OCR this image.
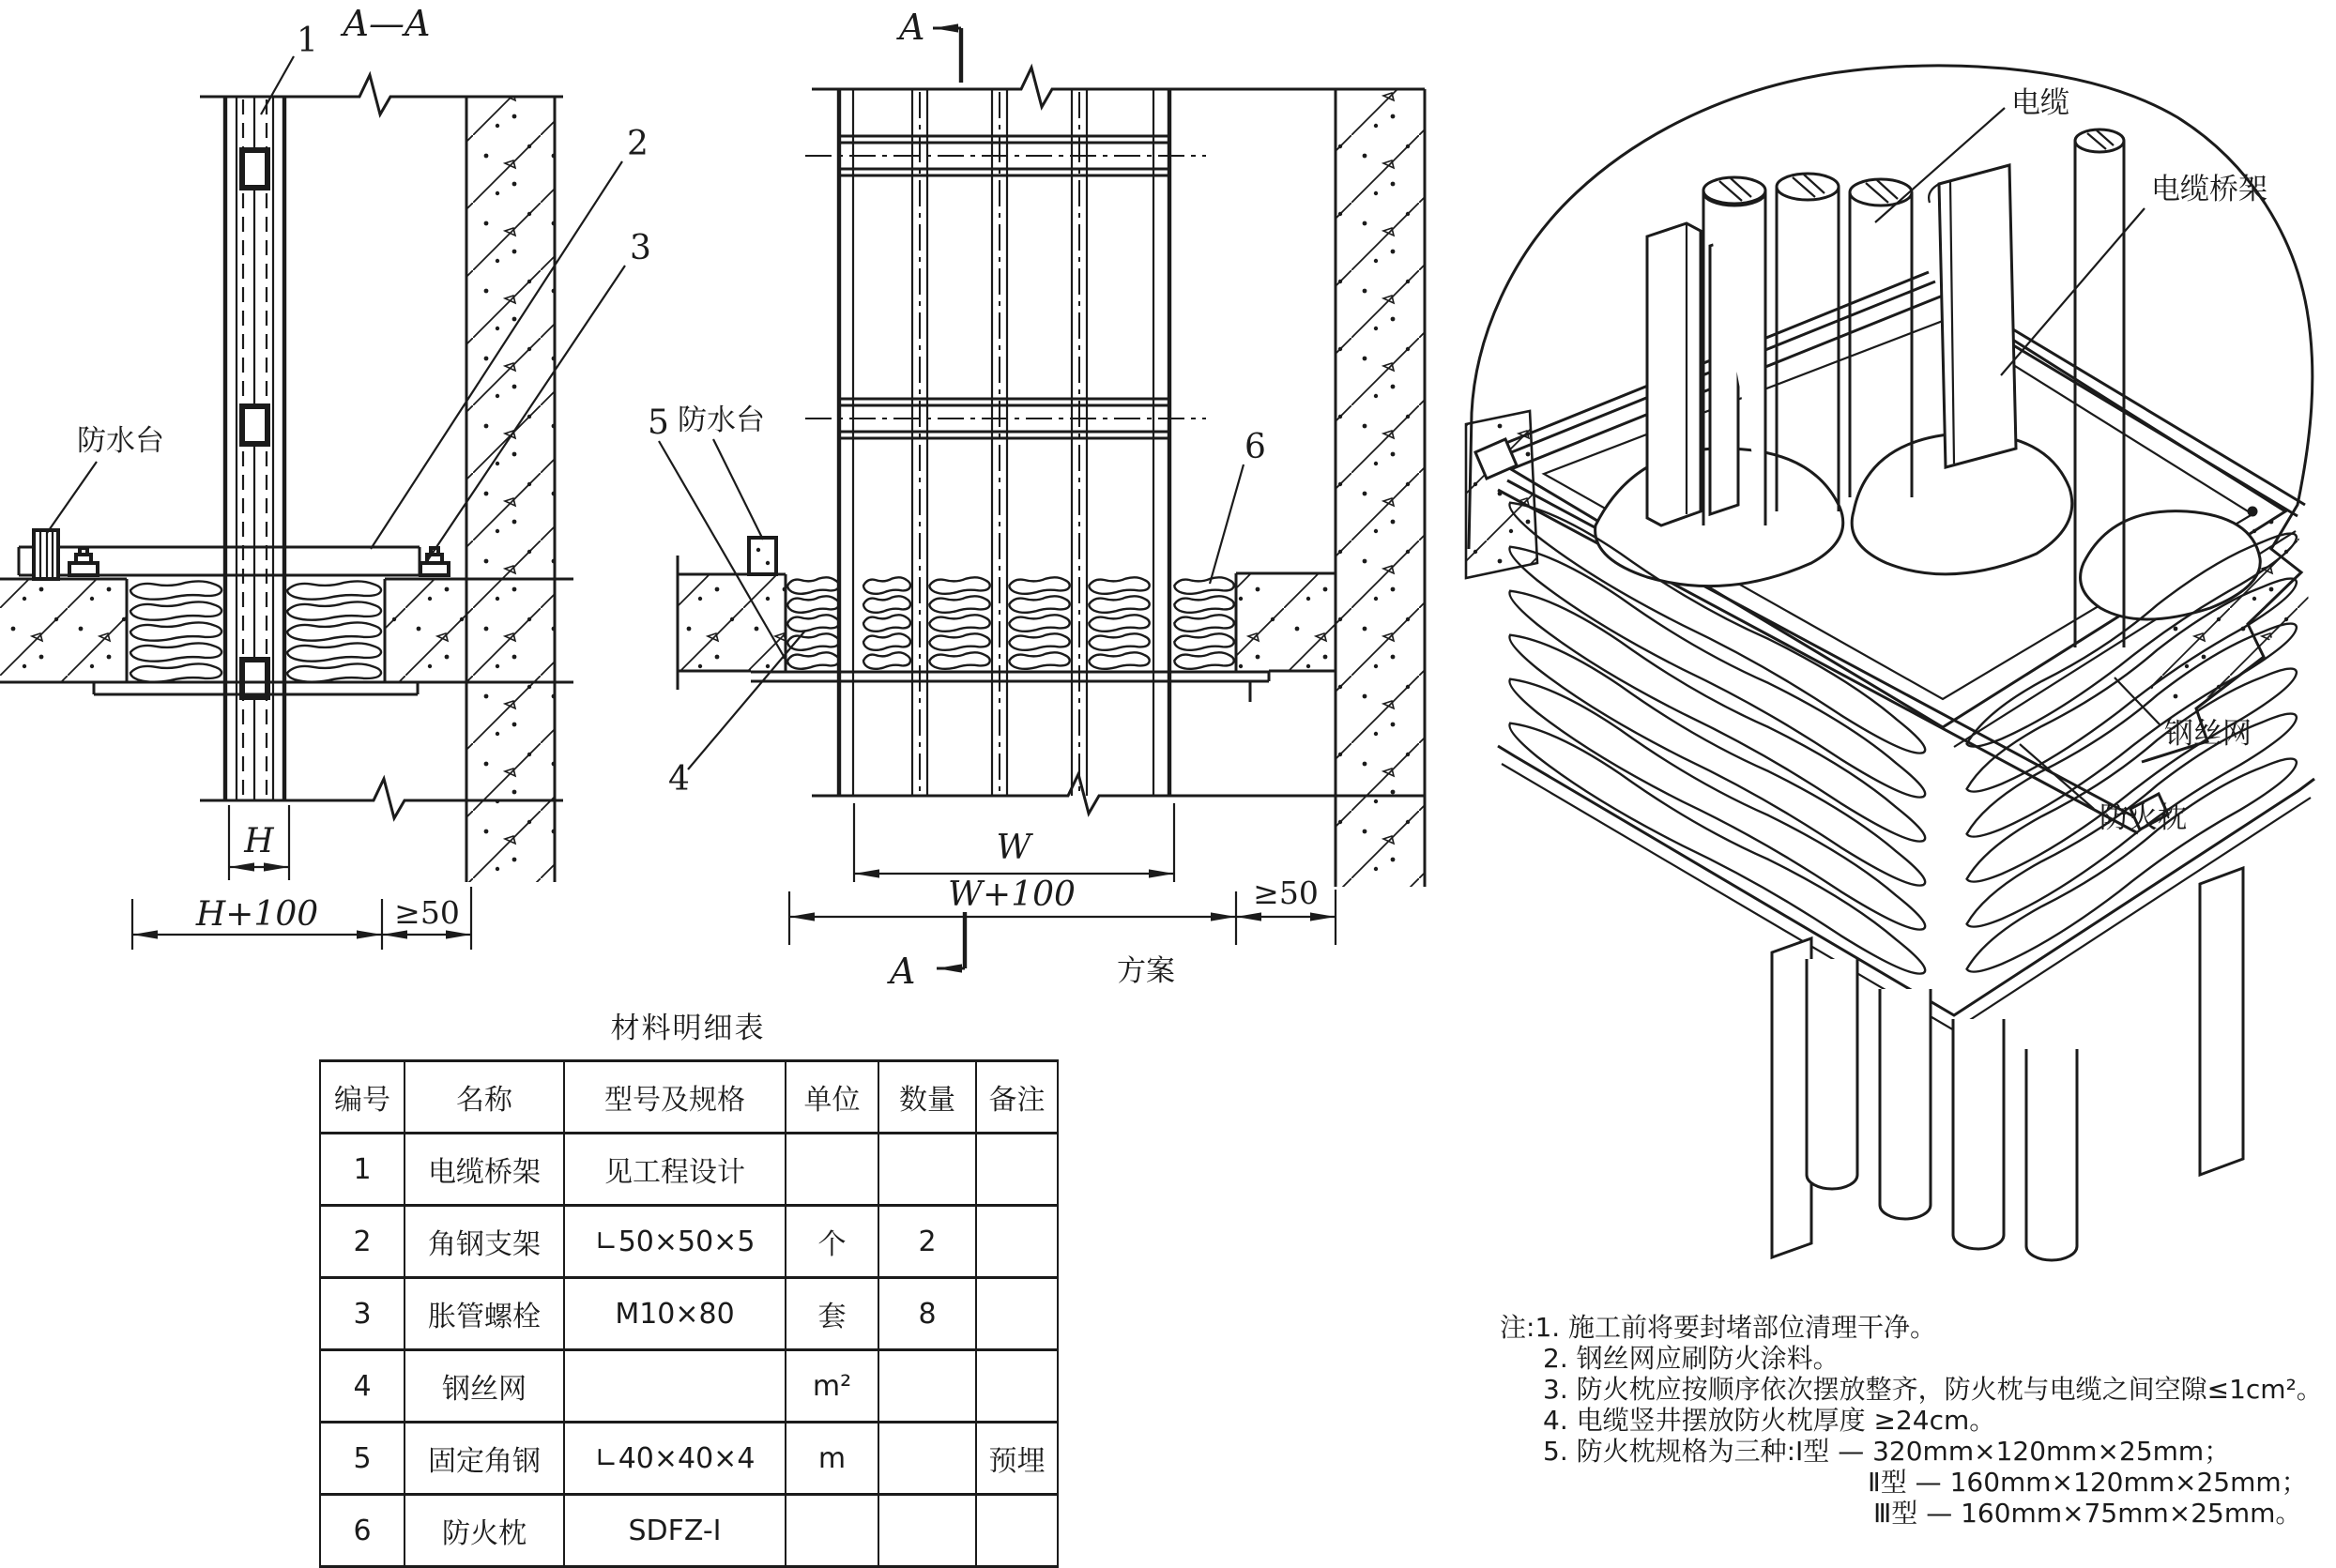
A—A
1
2
3
防水台
H
H+100 ≥50
A
A	方案
5 防水台
4
6
W
W+100	≥50
电缆
电缆桥架
钢丝网
防火枕
材料明细表
编号	名称	型号及规格	单位	数量	备注
1	电缆桥架	见工程设计			
2	角钢支架	∟50×50×5	个	2	
3	胀管螺栓	M10×80	套	8	
4	钢丝网		m²		
5	固定角钢	∟40×40×4	m		预埋
6	防火枕	SDFZ-Ⅰ			
注:1. 施工前将要封堵部位清理干净。
2. 钢丝网应刷防火涂料。
3. 防火枕应按顺序依次摆放整齐，防火枕与电缆之间空隙≤1cm²。
4. 电缆竖井摆放防火枕厚度 ≥24cm。
5. 防火枕规格为三种:Ⅰ型 — 320mm×120mm×25mm；
Ⅱ型 — 160mm×120mm×25mm；
Ⅲ型 — 160mm×75mm×25mm。
